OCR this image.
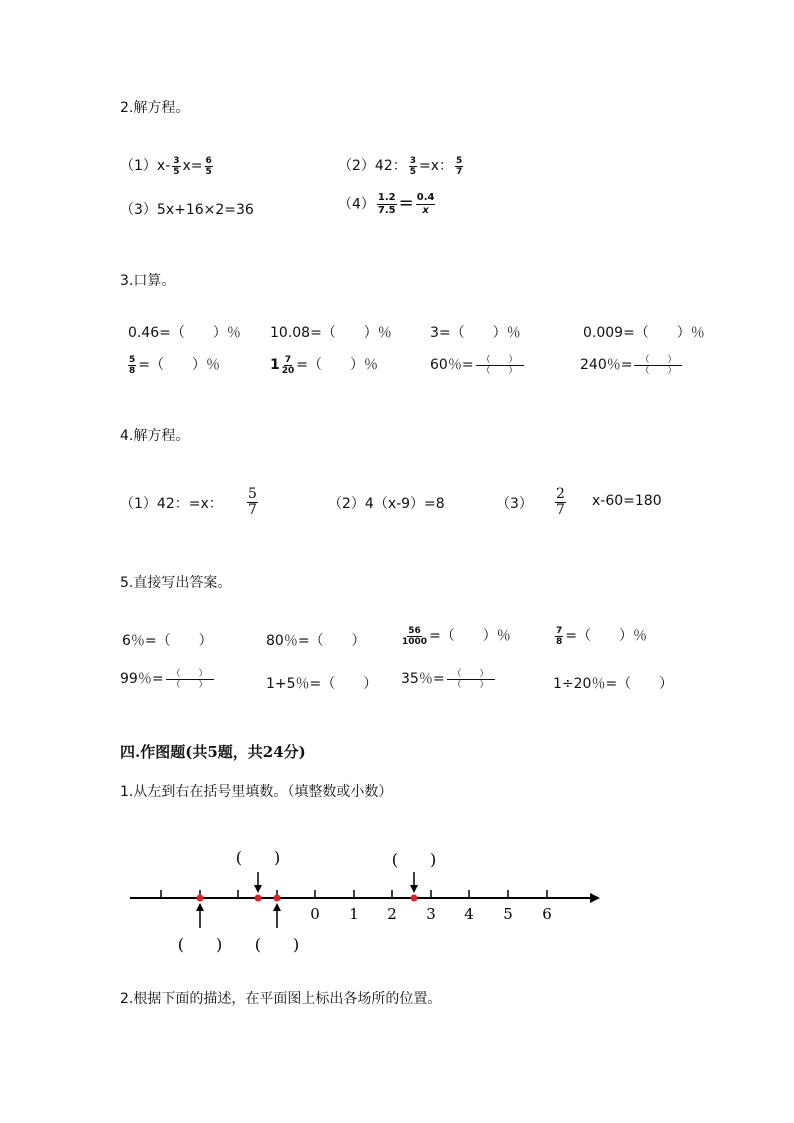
2.解方程。
$(1)x- \frac{3}{5} x= \frac{6}{5}$	（2）42： $\frac{3}{5} =x$： $\frac{5}{7}$
（3）5x+16×2=36	$(4) \frac{1.2}{7.5} = \frac{0.4}{x}$
3.口算。
0.46=（　　）％ 10.08=（　　）％	3=（　　）％	0.009=（　　）％
$\frac{5}{8}$ =（　　）％	$1 \frac{7}{20}$ =（　　）％	60％= $\frac{( )}{( )}$	240％= $\frac{( )}{( )}$
4.解方程。
（1）42：=x： $\frac{5}{7}$	（2）4（x-9）=8	$(3) \frac{2}{7} x-60=180$
5.直接写出答案。
6％=（　　）	80％=（　　）	$\frac{56}{1000}$ =（　　）％	$\frac{7}{8}$ =（　　）％
99％= $\frac{( )}{( )}$	1+5％=（　　） 35％= $\frac{( )}{( )}$	1÷20％=（　　）
四.作图题(共5题，共24分)
1.从左到右在括号里填数。（填整数或小数）
0 1 2 3 4 5 6
(　　)	(　　)
(　　) (　　)
2.根据下面的描述，在平面图上标出各场所的位置。
